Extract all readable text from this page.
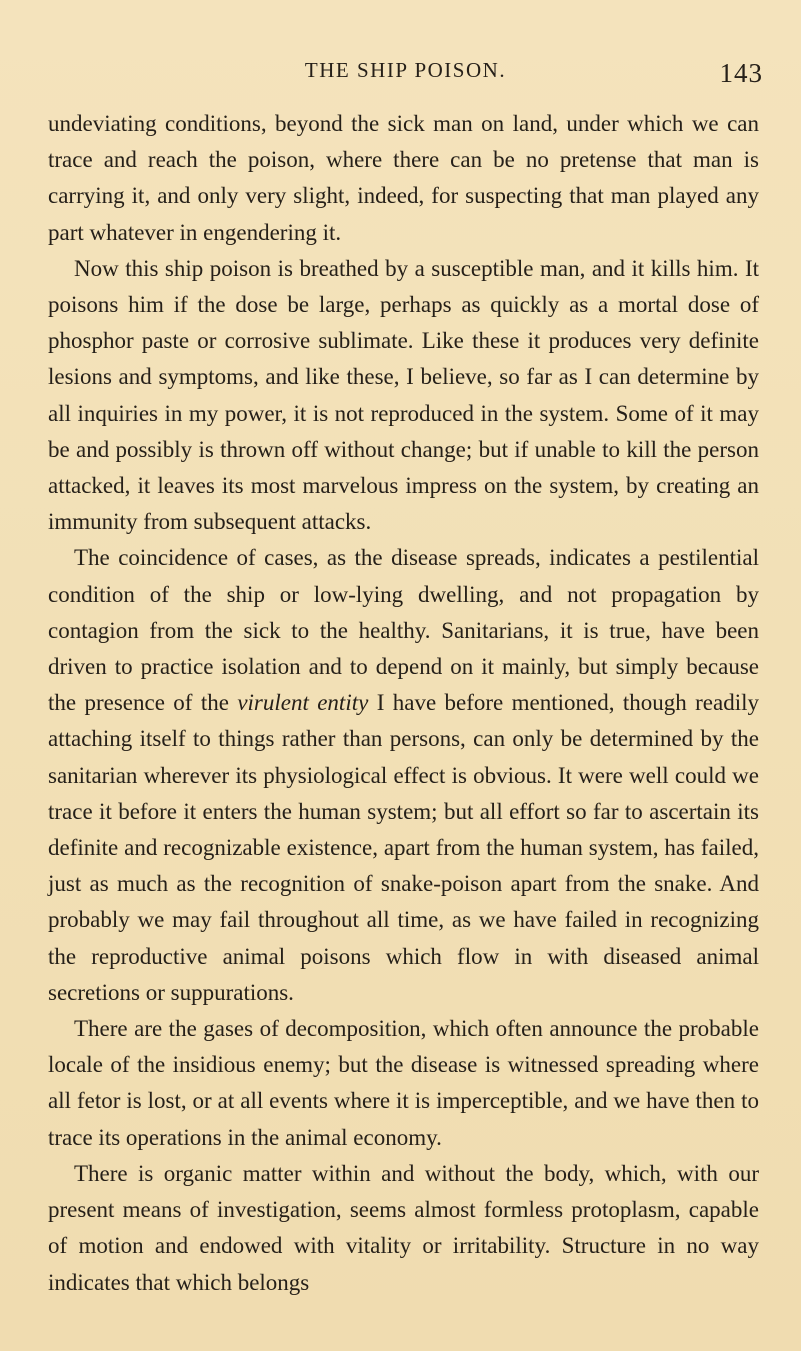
THE SHIP POISON.	143

undeviating conditions, beyond the sick man on land, under which we can trace and reach the poison, where there can be no pretense that man is carrying it, and only very slight, indeed, for suspecting that man played any part whatever in engendering it.

Now this ship poison is breathed by a susceptible man, and it kills him. It poisons him if the dose be large, perhaps as quickly as a mortal dose of phosphor paste or corrosive sublimate. Like these it produces very definite lesions and symptoms, and like these, I believe, so far as I can determine by all inquiries in my power, it is not reproduced in the system. Some of it may be and possibly is thrown off without change; but if unable to kill the person attacked, it leaves its most marvelous impress on the system, by creating an immunity from subsequent attacks.

The coincidence of cases, as the disease spreads, indicates a pestilential condition of the ship or low-lying dwelling, and not propagation by contagion from the sick to the healthy. Sanitarians, it is true, have been driven to practice isolation and to depend on it mainly, but simply because the presence of the virulent entity I have before mentioned, though readily attaching itself to things rather than persons, can only be determined by the sanitarian wherever its physiological effect is obvious. It were well could we trace it before it enters the human system; but all effort so far to ascertain its definite and recognizable existence, apart from the human system, has failed, just as much as the recognition of snake-poison apart from the snake. And probably we may fail throughout all time, as we have failed in recognizing the reproductive animal poisons which flow in with diseased animal secretions or suppurations.

There are the gases of decomposition, which often announce the probable locale of the insidious enemy; but the disease is witnessed spreading where all fetor is lost, or at all events where it is imperceptible, and we have then to trace its operations in the animal economy.

There is organic matter within and without the body, which, with our present means of investigation, seems almost formless protoplasm, capable of motion and endowed with vitality or irritability. Structure in no way indicates that which belongs
